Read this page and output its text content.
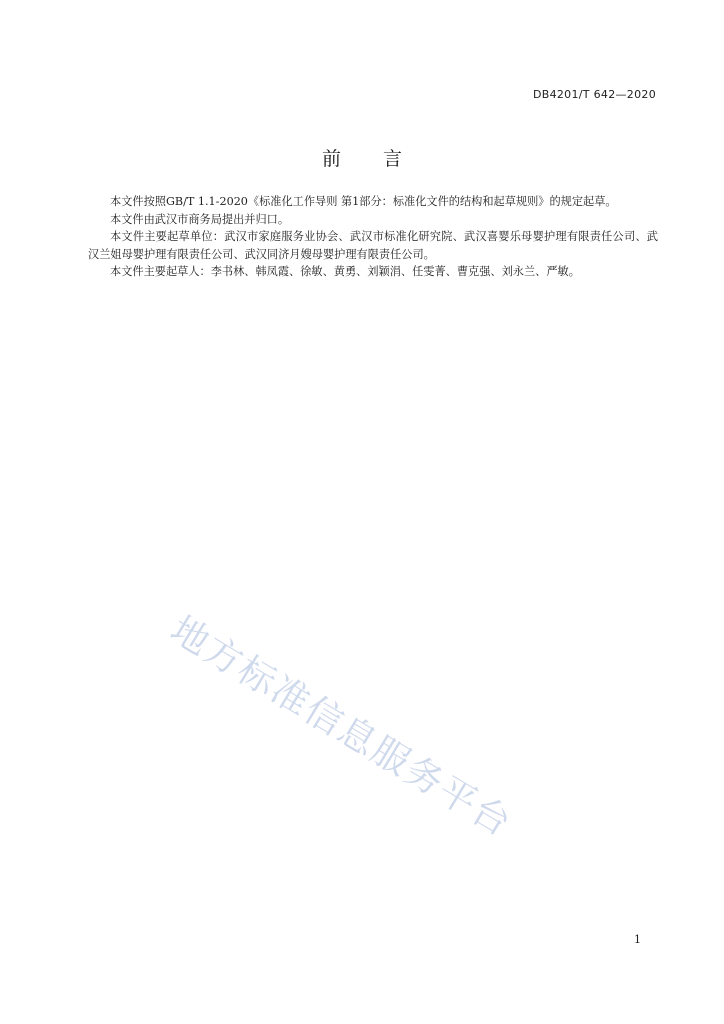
DB4201/T 642—2020
前 言

本文件按照GB/T 1.1-2020《标准化工作导则 第1部分：标准化文件的结构和起草规则》的规定起草。

本文件由武汉市商务局提出并归口。

本文件主要起草单位：武汉市家庭服务业协会、武汉市标准化研究院、武汉喜婴乐母婴护理有限责任公司、武汉兰姐母婴护理有限责任公司、武汉同济月嫂母婴护理有限责任公司。

本文件主要起草人：李书林、韩凤霞、徐敏、黄勇、刘颖涓、任雯菁、曹克强、刘永兰、严敏。

地方标准信息服务平台
1
